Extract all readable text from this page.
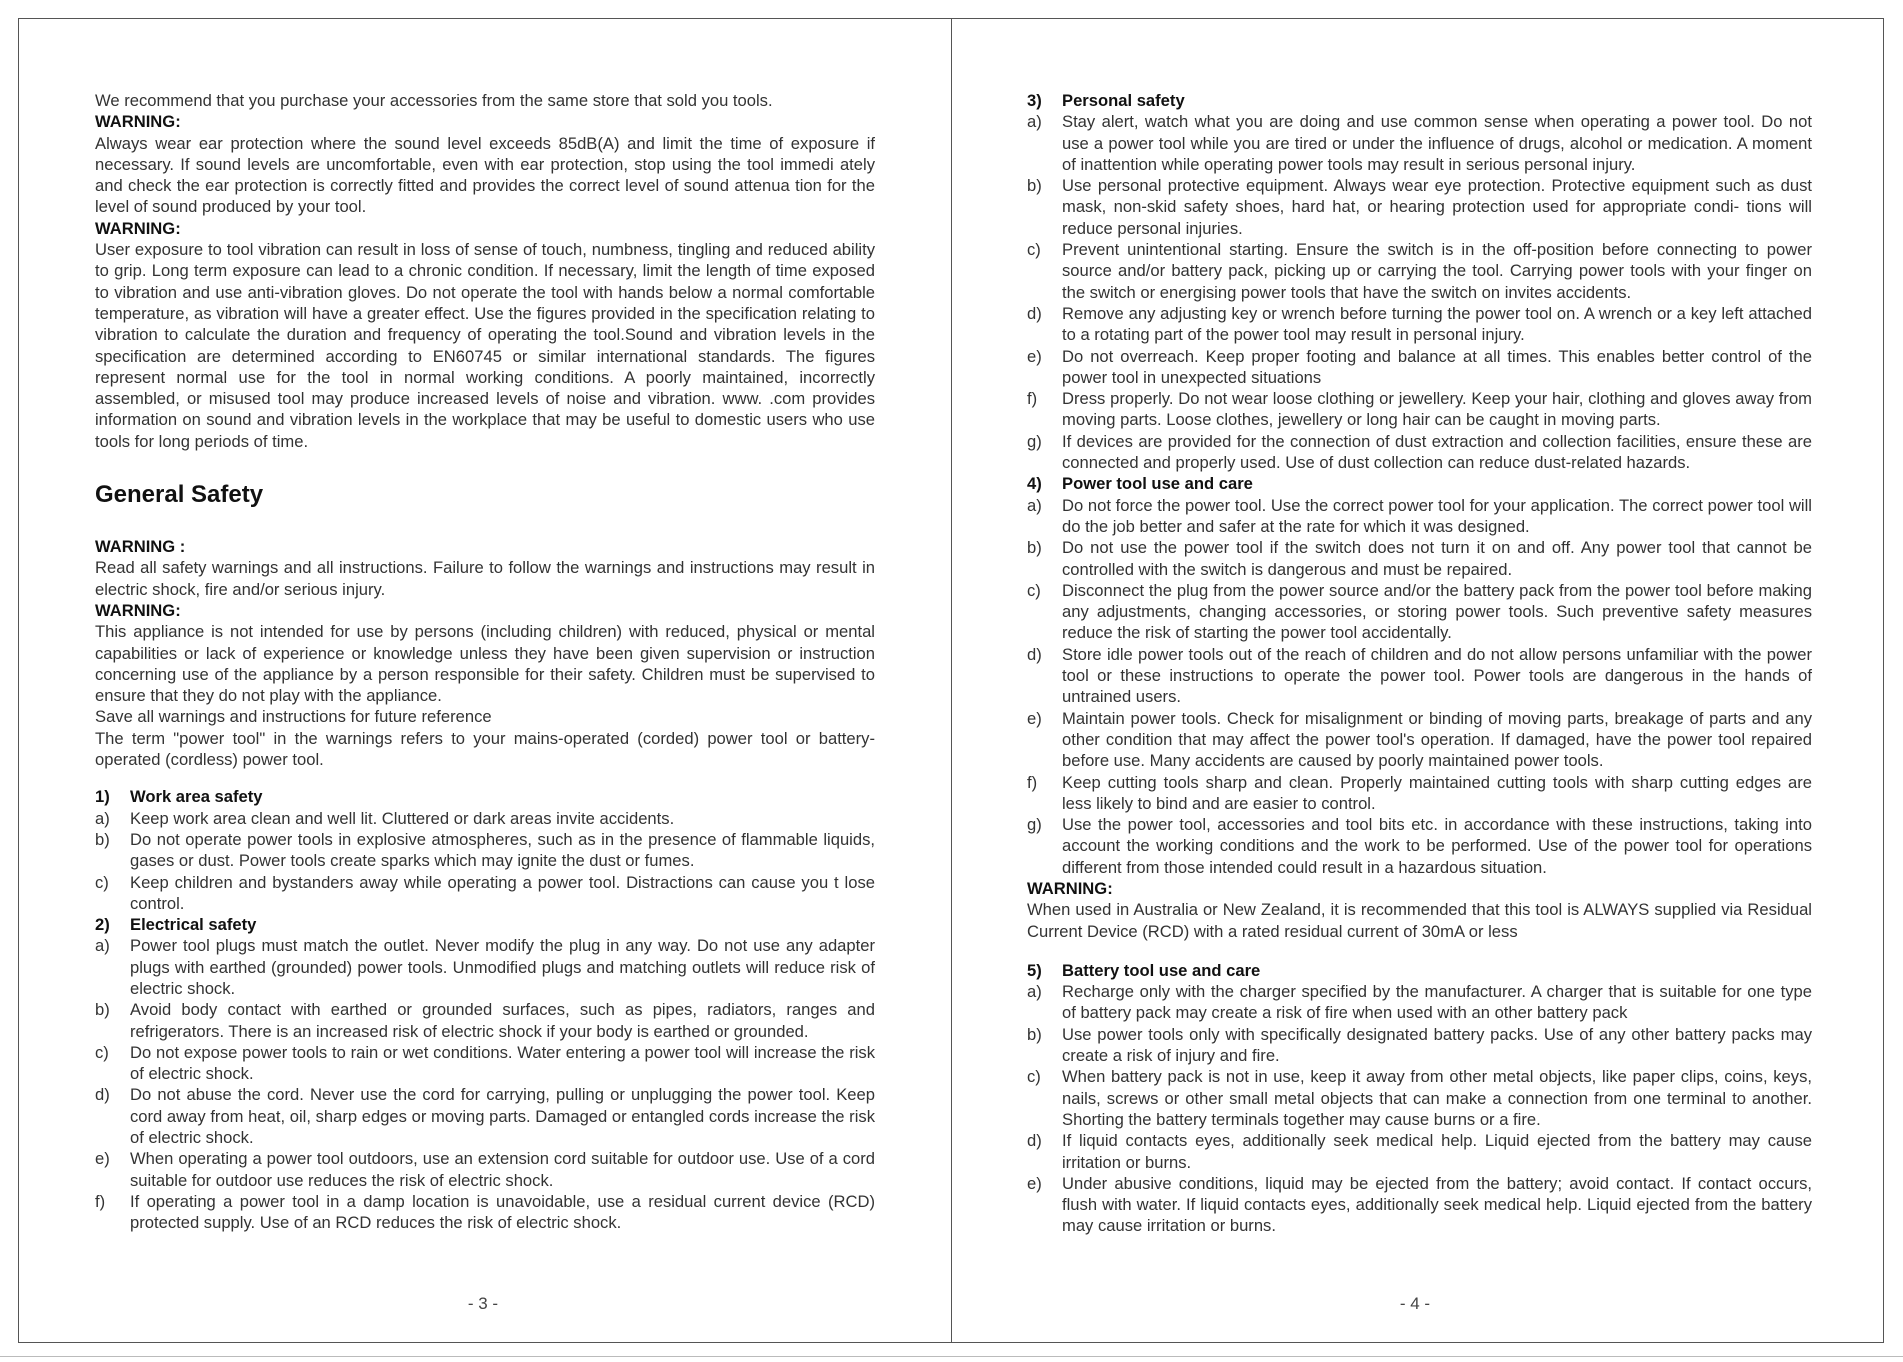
We recommend that you purchase your accessories from the same store that sold you tools.

WARNING:

Always wear ear protection where the sound level exceeds 85dB(A) and limit the time of exposure if necessary. If sound levels are uncomfortable, even with ear protection, stop using the tool immedi ately and check the ear protection is correctly fitted and provides the correct level of sound attenua tion for the level of sound produced by your tool.

WARNING:

User exposure to tool vibration can result in loss of sense of touch, numbness, tingling and reduced ability to grip. Long term exposure can lead to a chronic condition. If necessary, limit the length of time exposed to vibration and use anti-vibration gloves. Do not operate the tool with hands below a normal comfortable temperature, as vibration will have a greater effect. Use the figures provided in the specification relating to vibration to calculate the duration and frequency of operating the tool.Sound and vibration levels in the specification are determined according to EN60745 or similar international standards. The figures represent normal use for the tool in normal working conditions. A poorly maintained, incorrectly assembled, or misused tool may produce increased levels of noise and vibration. www. .com provides information on sound and vibration levels in the workplace that may be useful to domestic users who use tools for long periods of time.

General Safety

WARNING :

Read all safety warnings and all instructions. Failure to follow the warnings and instructions may result in electric shock, fire and/or serious injury.

WARNING:

This appliance is not intended for use by persons (including children) with reduced, physical or mental capabilities or lack of experience or knowledge unless they have been given supervision or instruction concerning use of the appliance by a person responsible for their safety. Children must be supervised to ensure that they do not play with the appliance.

Save all warnings and instructions for future reference

The term "power tool" in the warnings refers to your mains-operated (corded) power tool or battery-operated (cordless) power tool.

1)	Work area safety
a)	Keep work area clean and well lit. Cluttered or dark areas invite accidents.
b)	Do not operate power tools in explosive atmospheres, such as in the presence of flammable liquids, gases or dust. Power tools create sparks which may ignite the dust or fumes.
c)	Keep children and bystanders away while operating a power tool. Distractions can cause you t lose control.
2)	Electrical safety
a)	Power tool plugs must match the outlet. Never modify the plug in any way. Do not use any adapter plugs with earthed (grounded) power tools. Unmodified plugs and matching outlets will reduce risk of electric shock.
b)	Avoid body contact with earthed or grounded surfaces, such as pipes, radiators, ranges and refrigerators. There is an increased risk of electric shock if your body is earthed or grounded.
c)	Do not expose power tools to rain or wet conditions. Water entering a power tool will increase the risk of electric shock.
d)	Do not abuse the cord. Never use the cord for carrying, pulling or unplugging the power tool. Keep cord away from heat, oil, sharp edges or moving parts. Damaged or entangled cords increase the risk of electric shock.
e)	When operating a power tool outdoors, use an extension cord suitable for outdoor use. Use of a cord suitable for outdoor use reduces the risk of electric shock.
f)	If operating a power tool in a damp location is unavoidable, use a residual current device (RCD) protected supply. Use of an RCD reduces the risk of electric shock.
- 3 -
3)	Personal safety
a)	Stay alert, watch what you are doing and use common sense when operating a power tool. Do not use a power tool while you are tired or under the influence of drugs, alcohol or medication. A moment of inattention while operating power tools may result in serious personal injury.
b)	Use personal protective equipment. Always wear eye protection. Protective equipment such as dust mask, non-skid safety shoes, hard hat, or hearing protection used for appropriate condi- tions will reduce personal injuries.
c)	Prevent unintentional starting. Ensure the switch is in the off-position before connecting to power source and/or battery pack, picking up or carrying the tool. Carrying power tools with your finger on the switch or energising power tools that have the switch on invites accidents.
d)	Remove any adjusting key or wrench before turning the power tool on. A wrench or a key left attached to a rotating part of the power tool may result in personal injury.
e)	Do not overreach. Keep proper footing and balance at all times. This enables better control of the power tool in unexpected situations
f)	Dress properly. Do not wear loose clothing or jewellery. Keep your hair, clothing and gloves away from moving parts. Loose clothes, jewellery or long hair can be caught in moving parts.
g)	If devices are provided for the connection of dust extraction and collection facilities, ensure these are connected and properly used. Use of dust collection can reduce dust-related hazards.
4)	Power tool use and care
a)	Do not force the power tool. Use the correct power tool for your application. The correct power tool will do the job better and safer at the rate for which it was designed.
b)	Do not use the power tool if the switch does not turn it on and off. Any power tool that cannot be controlled with the switch is dangerous and must be repaired.
c)	Disconnect the plug from the power source and/or the battery pack from the power tool before making any adjustments, changing accessories, or storing power tools. Such preventive safety measures reduce the risk of starting the power tool accidentally.
d)	Store idle power tools out of the reach of children and do not allow persons unfamiliar with the power tool or these instructions to operate the power tool. Power tools are dangerous in the hands of untrained users.
e)	Maintain power tools. Check for misalignment or binding of moving parts, breakage of parts and any other condition that may affect the power tool's operation. If damaged, have the power tool repaired before use. Many accidents are caused by poorly maintained power tools.
f)	Keep cutting tools sharp and clean. Properly maintained cutting tools with sharp cutting edges are less likely to bind and are easier to control.
g)	Use the power tool, accessories and tool bits etc. in accordance with these instructions, taking into account the working conditions and the work to be performed. Use of the power tool for operations different from those intended could result in a hazardous situation.

WARNING:

When used in Australia or New Zealand, it is recommended that this tool is ALWAYS supplied via Residual Current Device (RCD) with a rated residual current of 30mA or less

5)	Battery tool use and care
a)	Recharge only with the charger specified by the manufacturer. A charger that is suitable for one type of battery pack may create a risk of fire when used with an other battery pack
b)	Use power tools only with specifically designated battery packs. Use of any other battery packs may create a risk of injury and fire.
c)	When battery pack is not in use, keep it away from other metal objects, like paper clips, coins, keys, nails, screws or other small metal objects that can make a connection from one terminal to another. Shorting the battery terminals together may cause burns or a fire.
d)	If liquid contacts eyes, additionally seek medical help. Liquid ejected from the battery may cause irritation or burns.
e)	Under abusive conditions, liquid may be ejected from the battery; avoid contact. If contact occurs, flush with water. If liquid contacts eyes, additionally seek medical help. Liquid ejected from the battery may cause irritation or burns.
- 4 -
